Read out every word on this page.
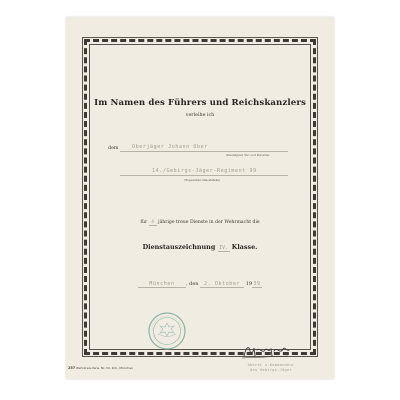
Im Namen des Führers und Reichskanzlers
verleihe ich
dem	Oberjäger Johann Ober
(Dienstgrad, Vor- und Zuname)
14./Gebirgs-Jäger-Regiment 99
(Truppenteil, Dienststelle)
für 4 jährige treue Dienste in der Wehrmacht die
Dienstauszeichnung IV. Klasse.
München , den 2. Oktober 1939
Oberst u.Kommandeur
des Gebirgs-Jäger
257 Wehrkreis-Verw. Nr. VII, Kdr., München
